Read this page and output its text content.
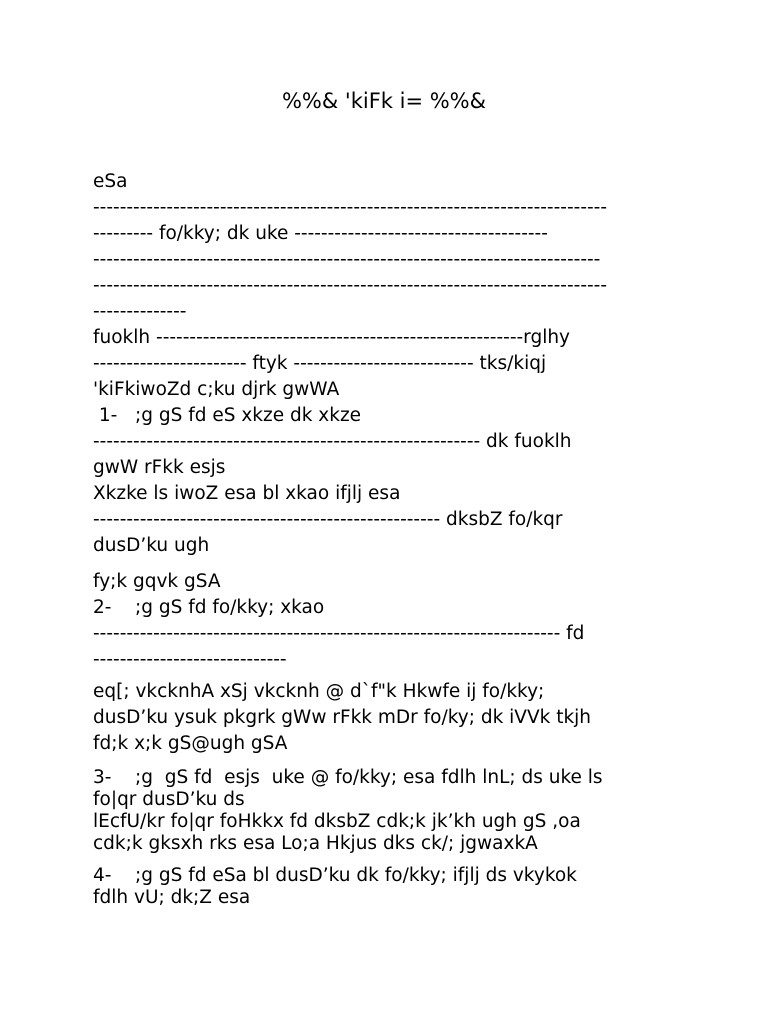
%%& 'kiFk i= %%&
eSa
-----------------------------------------------------------------------------
--------- fo/kky; dk uke --------------------------------------
----------------------------------------------------------------------------
-----------------------------------------------------------------------------
--------------
fuoklh -------------------------------------------------------rglhy
----------------------- ftyk --------------------------- tks/kiqj
'kiFkiwoZd c;ku djrk gwWA
1-   ;g gS fd eS xkze dk xkze
---------------------------------------------------------- dk fuoklh
gwW rFkk esjs
Xkzke ls iwoZ esa bl xkao ifjlj esa
---------------------------------------------------- dksbZ fo/kqr
dusD’ku ugh
fy;k gqvk gSA
2-    ;g gS fd fo/kky; xkao
---------------------------------------------------------------------- fd
-----------------------------
eq[; vkcknhA xSj vkcknh @ d`f"k Hkwfe ij fo/kky;
dusD’ku ysuk pkgrk gWw rFkk mDr fo/ky; dk iVVk tkjh
fd;k x;k gS@ugh gSA
3-    ;g  gS fd  esjs  uke @ fo/kky; esa fdlh lnL; ds uke ls
fo|qr dusD’ku ds
lEcfU/kr fo|qr foHkkx fd dksbZ cdk;k jk’kh ugh gS ,oa
cdk;k gksxh rks esa Lo;a Hkjus dks ck/; jgwaxkA
4-    ;g gS fd eSa bl dusD’ku dk fo/kky; ifjlj ds vkykok
fdlh vU; dk;Z esa
